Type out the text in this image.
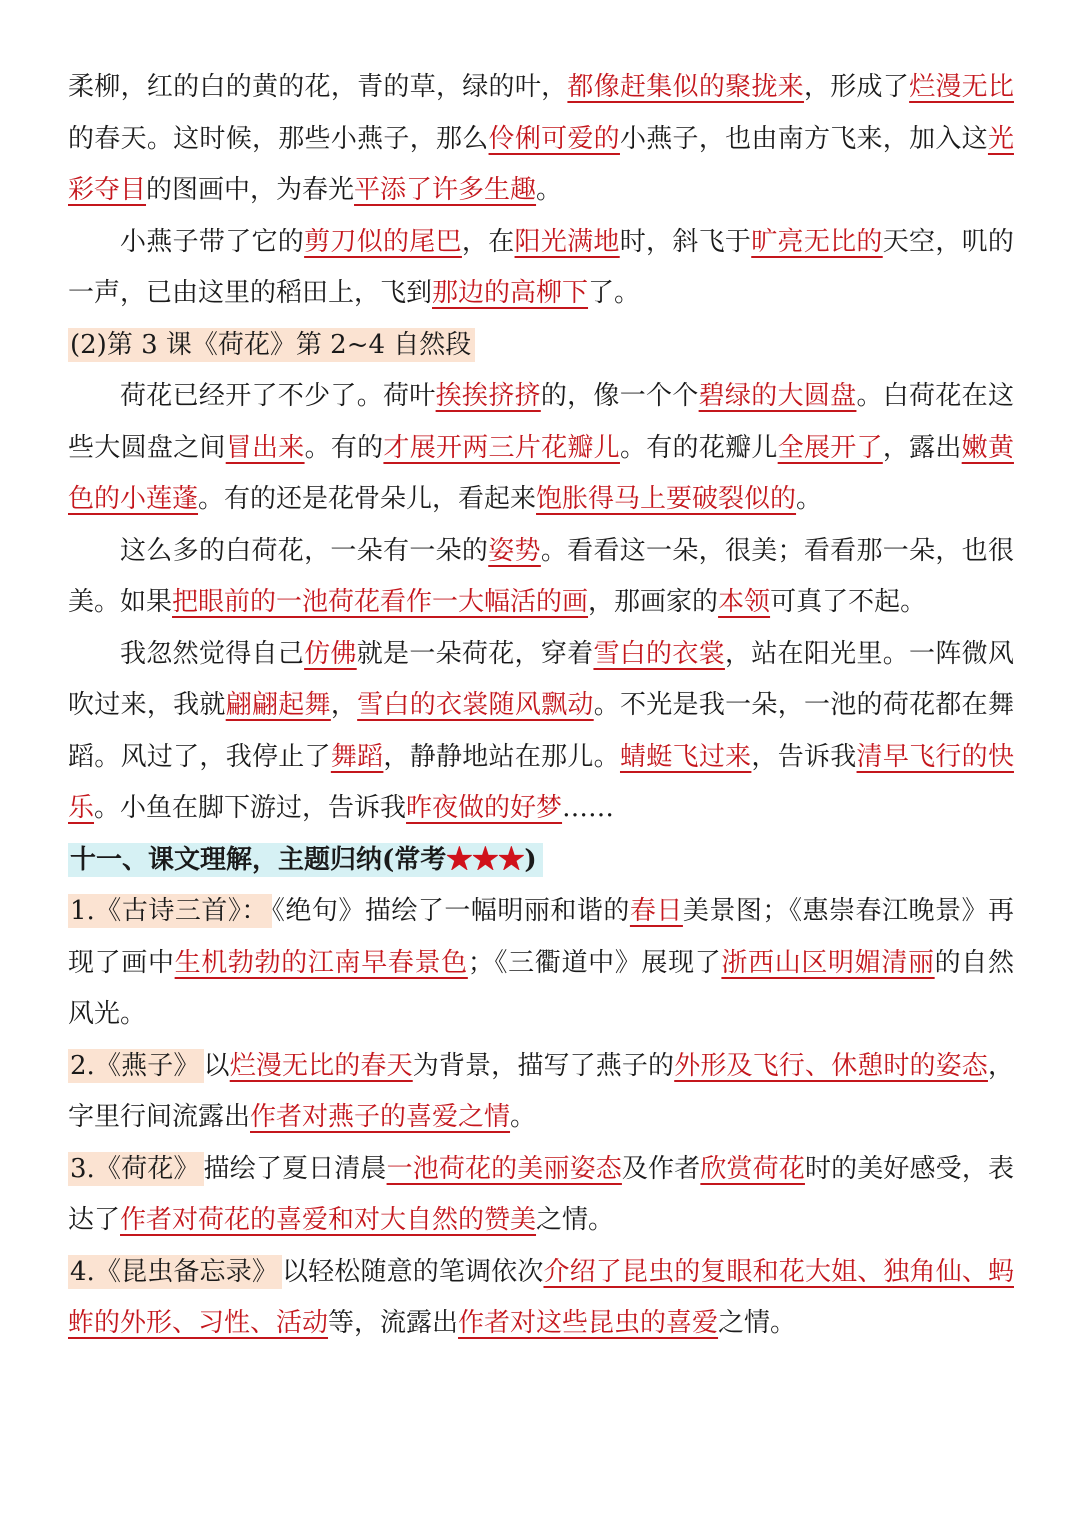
柔柳，红的白的黄的花，青的草，绿的叶，都像赶集似的聚拢来，形成了烂漫无比的春天。这时候，那些小燕子，那么伶俐可爱的小燕子，也由南方飞来，加入这光彩夺目的图画中，为春光平添了许多生趣。

小燕子带了它的剪刀似的尾巴，在阳光满地时，斜飞于旷亮无比的天空，叽的一声，已由这里的稻田上，飞到那边的高柳下了。

(2)第 3 课《荷花》第 2~4 自然段

荷花已经开了不少了。荷叶挨挨挤挤的，像一个个碧绿的大圆盘。白荷花在这些大圆盘之间冒出来。有的才展开两三片花瓣儿。有的花瓣儿全展开了，露出嫩黄色的小莲蓬。有的还是花骨朵儿，看起来饱胀得马上要破裂似的。

这么多的白荷花，一朵有一朵的姿势。看看这一朵，很美；看看那一朵，也很美。如果把眼前的一池荷花看作一大幅活的画，那画家的本领可真了不起。

我忽然觉得自己仿佛就是一朵荷花，穿着雪白的衣裳，站在阳光里。一阵微风吹过来，我就翩翩起舞，雪白的衣裳随风飘动。不光是我一朵，一池的荷花都在舞蹈。风过了，我停止了舞蹈，静静地站在那儿。蜻蜓飞过来，告诉我清早飞行的快乐。小鱼在脚下游过，告诉我昨夜做的好梦……

十一、课文理解，主题归纳(常考★★★)

1.《古诗三首》： 《绝句》描绘了一幅明丽和谐的春日美景图；《惠崇春江晚景》再现了画中生机勃勃的江南早春景色；《三衢道中》展现了浙西山区明媚清丽的自然风光。

2.《燕子》 以烂漫无比的春天为背景，描写了燕子的外形及飞行、休憩时的姿态，字里行间流露出作者对燕子的喜爱之情。

3.《荷花》 描绘了夏日清晨一池荷花的美丽姿态及作者欣赏荷花时的美好感受，表达了作者对荷花的喜爱和对大自然的赞美之情。

4.《昆虫备忘录》 以轻松随意的笔调依次介绍了昆虫的复眼和花大姐、独角仙、蚂蚱的外形、习性、活动等，流露出作者对这些昆虫的喜爱之情。
